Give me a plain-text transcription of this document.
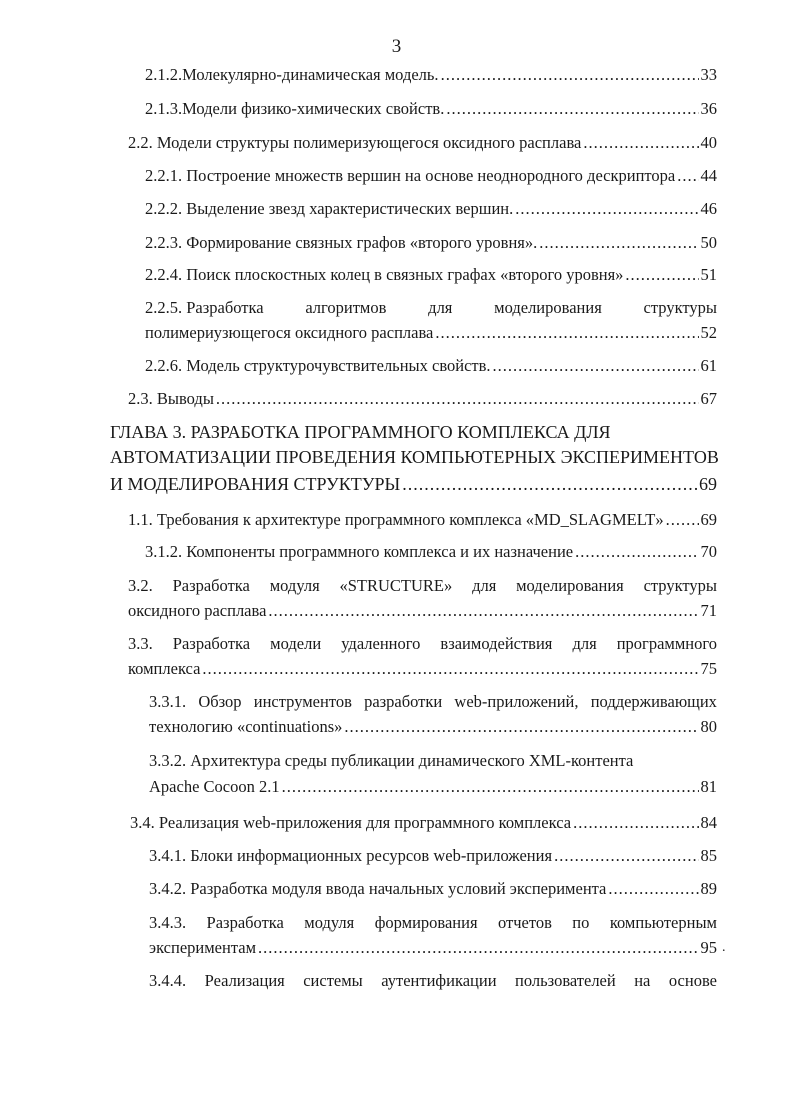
3
2.1.2.Молекулярно-динамическая модель. .....	33
2.1.3.Модели физико-химических свойств. .....	36
2.2. Модели структуры полимеризующегося оксидного расплава .....	40
2.2.1. Построение множеств вершин на основе неоднородного дескриптора ..... 44
2.2.2. Выделение звезд характеристических вершин. .....	46
2.2.3. Формирование связных графов «второго уровня». .....	50
2.2.4. Поиск плоскостных колец в связных графах «второго уровня» .....	51
2.2.5. Разработка	алгоритмов	для	моделирования	структуры
полимериузющегося оксидного расплава .....	52
2.2.6. Модель структурочувствительных свойств. .....	61
2.3. Выводы .....	67
ГЛАВА 3. РАЗРАБОТКА ПРОГРАММНОГО КОМПЛЕКСА ДЛЯ
АВТОМАТИЗАЦИИ ПРОВЕДЕНИЯ КОМПЬЮТЕРНЫХ ЭКСПЕРИМЕНТОВ
И МОДЕЛИРОВАНИЯ СТРУКТУРЫ .....	69
1.1. Требования к архитектуре программного комплекса «MD_SLAGMELT» ..... 69
3.1.2. Компоненты программного комплекса и их назначение .....	70
3.2. Разработка модуля «STRUCTURE» для моделирования структуры
оксидного расплава .....	71
3.3. Разработка модели удаленного взаимодействия для программного
комплекса .....	75
3.3.1. Обзор инструментов разработки web-приложений, поддерживающих
технологию «continuations» .....	80
3.3.2. Архитектура среды публикации динамического XML-контента
Apache Cocoon 2.1 .....	81
3.4. Реализация web-приложения для программного комплекса .....	84
3.4.1. Блоки информационных ресурсов web-приложения .....	85
3.4.2. Разработка модуля ввода начальных условий эксперимента .....	89
3.4.3. Разработка модуля формирования отчетов по компьютерным
экспериментам .....	95 .
3.4.4. Реализация системы аутентификации пользователей на основе
